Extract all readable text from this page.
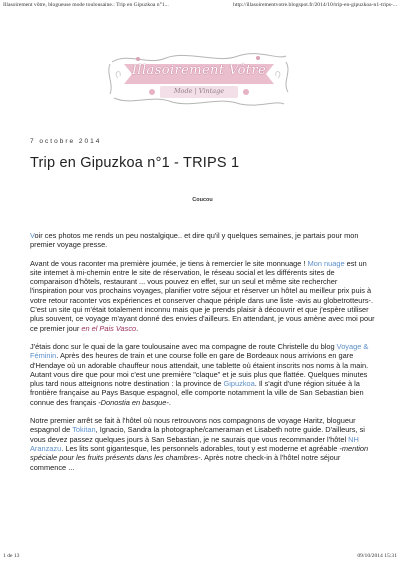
Illasoirement vôtre, blogueuse mode toulousaine.: Trip en Gipuzkoa n°1...	http://illasoirementvotre.blogspot.fr/2014/10/trip-en-gipuzkoa-n1-trips-...
Illasoirement Vôtre
Mode | Vintage

7 octobre 2014

Trip en Gipuzkoa n°1 - TRIPS 1
Coucou

Voir ces photos me rends un peu nostalgique.. et dire qu'il y quelques semaines, je partais pour mon premier voyage presse.

Avant de vous raconter ma première journée, je tiens à remercier le site monnuage ! Mon nuage est un site internet à mi-chemin entre le site de réservation, le réseau social et les différents sites de comparaison d'hôtels, restaurant ... vous pouvez en effet, sur un seul et même site rechercher l'inspiration pour vos prochains voyages, planifier votre séjour et réserver un hôtel au meilleur prix puis à votre retour raconter vos expériences et conserver chaque périple dans une liste -avis au globetrotteurs-. C'est un site qui m'était totalement inconnu mais que je prends plaisir à découvrir et que j'espère utiliser plus souvent, ce voyage m'ayant donné des envies d'ailleurs. En attendant, je vous amène avec moi pour ce premier jour en el Pais Vasco.

J'étais donc sur le quai de la gare toulousaine avec ma compagne de route Christelle du blog Voyage & Féminin. Après des heures de train et une course folle en gare de Bordeaux nous arrivions en gare d'Hendaye où un adorable chauffeur nous attendait, une tablette où étaient inscrits nos noms à la main. Autant vous dire que pour moi c'est une première "claque" et je suis plus que flattée. Quelques minutes plus tard nous atteignons notre destination : la province de Gipuzkoa. Il s'agit d'une région située à la frontière française au Pays Basque espagnol, elle comporte notamment la ville de San Sebastian bien connue des français -Donostia en basque-.

Notre premier arrêt se fait à l'hôtel où nous retrouvons nos compagnons de voyage Haritz, blogueur espagnol de Tokitan, Ignacio, Sandra la photographe/cameraman et Lisabeth notre guide. D'ailleurs, si vous devez passez quelques jours à San Sebastian, je ne saurais que vous recommander l'hôtel NH Aranzazu. Les lits sont gigantesque, les personnels adorables, tout y est moderne et agréable -mention spéciale pour les fruits présents dans les chambres-. Après notre check-in à l'hôtel notre séjour commence ...

1 de 13	09/10/2014 15:31
